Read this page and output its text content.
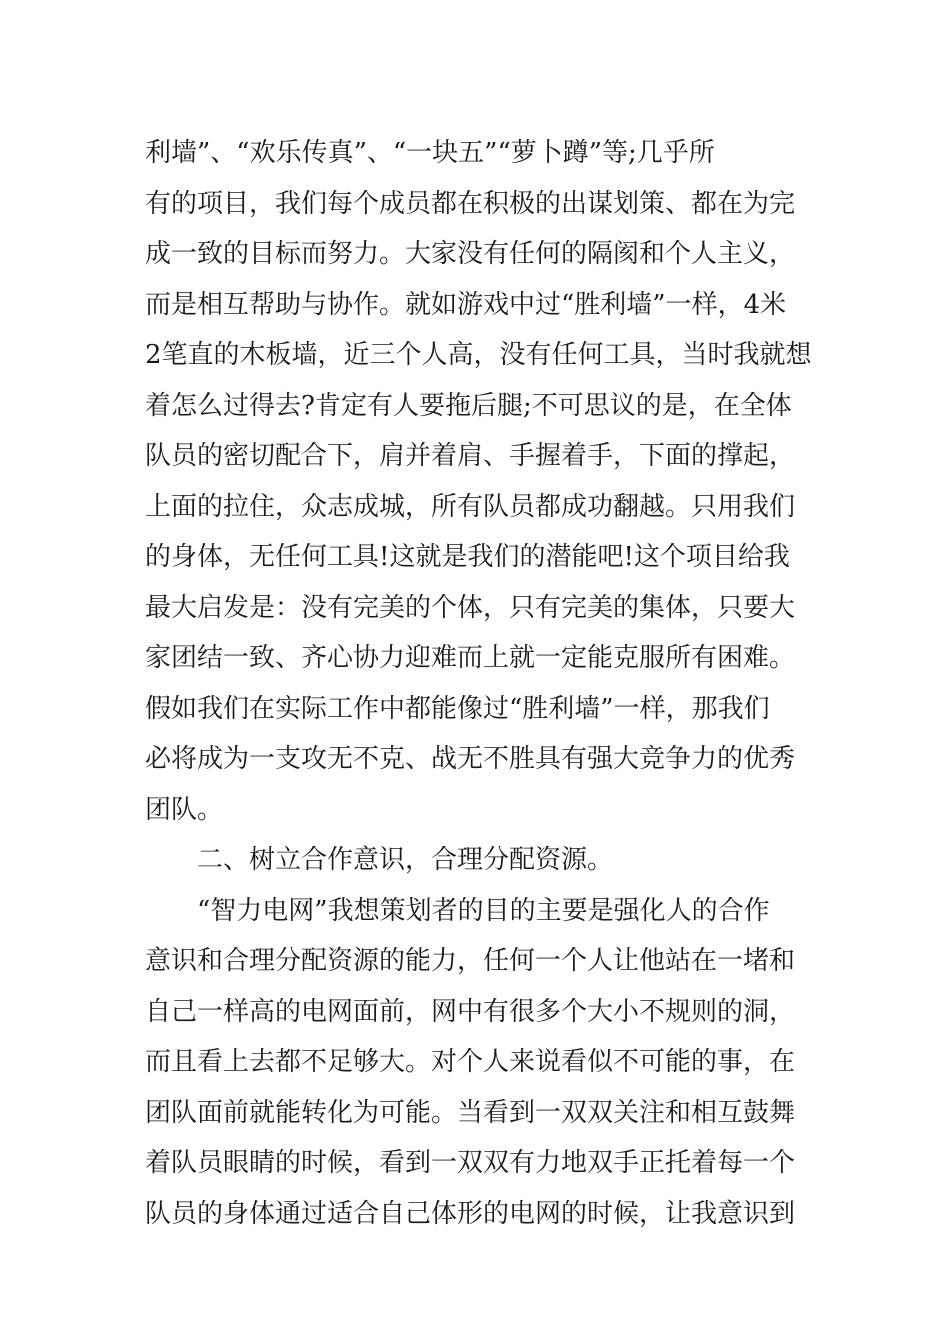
利墙”、“欢乐传真”、“一块五”“萝卜蹲”等;几乎所
有的项目，我们每个成员都在积极的出谋划策、都在为完
成一致的目标而努力。大家没有任何的隔阂和个人主义，
而是相互帮助与协作。就如游戏中过“胜利墙”一样，4米
2笔直的木板墙，近三个人高，没有任何工具，当时我就想
着怎么过得去?肯定有人要拖后腿;不可思议的是，在全体
队员的密切配合下，肩并着肩、手握着手，下面的撑起，
上面的拉住，众志成城，所有队员都成功翻越。只用我们
的身体，无任何工具!这就是我们的潜能吧!这个项目给我
最大启发是：没有完美的个体，只有完美的集体，只要大
家团结一致、齐心协力迎难而上就一定能克服所有困难。
假如我们在实际工作中都能像过“胜利墙”一样，那我们
必将成为一支攻无不克、战无不胜具有强大竞争力的优秀
团队。
二、树立合作意识，合理分配资源。
“智力电网”我想策划者的目的主要是强化人的合作
意识和合理分配资源的能力，任何一个人让他站在一堵和
自己一样高的电网面前，网中有很多个大小不规则的洞，
而且看上去都不足够大。对个人来说看似不可能的事，在
团队面前就能转化为可能。当看到一双双关注和相互鼓舞
着队员眼睛的时候，看到一双双有力地双手正托着每一个
队员的身体通过适合自己体形的电网的时候，让我意识到
